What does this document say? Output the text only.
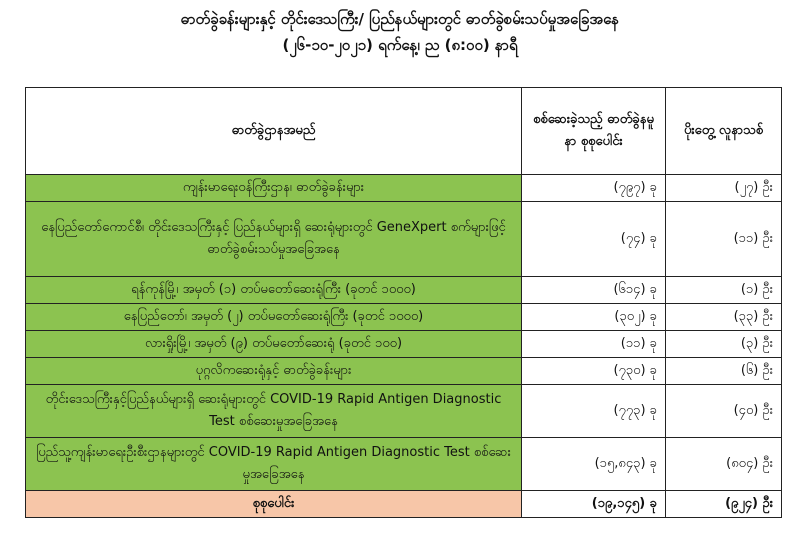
ဓာတ်ခွဲခန်းများနှင့် တိုင်းဒေသကြီး/ ပြည်နယ်များတွင် ဓာတ်ခွဲစမ်းသပ်မှုအခြေအနေ
(၂၆-၁၀-၂၀၂၁) ရက်နေ့၊ ည (၈:၀၀) နာရီ
ဓာတ်ခွဲဌာနအမည်	စစ်ဆေးခဲ့သည့် ဓာတ်ခွဲနမူနာ စုစုပေါင်း	ပိုးတွေ့ လူနာသစ်
ကျန်းမာရေးဝန်ကြီးဌာန၊ ဓာတ်ခွဲခန်းများ	(၇၉၇) ခု	(၂၇) ဦး
နေပြည်တော်ကောင်စီ၊ တိုင်းဒေသကြီးနှင့် ပြည်နယ်များရှိ ဆေးရုံများတွင် GeneXpert စက်များဖြင့် ဓာတ်ခွဲစမ်းသပ်မှုအခြေအနေ	(၇၄) ခု	(၁၁) ဦး
ရန်ကုန်မြို့၊ အမှတ် (၁) တပ်မတော်ဆေးရုံကြီး (ခုတင် ၁၀၀၀)	(၆၁၄) ခု	(၁) ဦး
နေပြည်တော်၊ အမှတ် (၂) တပ်မတော်ဆေးရုံကြီး (ခုတင် ၁၀၀၀)	(၃၀၂) ခု	(၃၃) ဦး
လားရှိုးမြို့၊ အမှတ် (၉) တပ်မတော်ဆေးရုံ (ခုတင် ၁၀၀)	(၁၁) ခု	(၃) ဦး
ပုဂ္ဂလိကဆေးရုံနှင့် ဓာတ်ခွဲခန်းများ	(၇၃၀) ခု	(၆) ဦး
တိုင်းဒေသကြီးနှင့်ပြည်နယ်များရှိ ဆေးရုံများတွင် COVID-19 Rapid Antigen Diagnostic Test စစ်ဆေးမှုအခြေအနေ	(၇၇၃) ခု	(၄၀) ဦး
ပြည်သူ့ကျန်းမာရေးဦးစီးဌာနများတွင် COVID-19 Rapid Antigen Diagnostic Test စစ်ဆေးမှုအခြေအနေ	(၁၅,၈၄၃) ခု	(၈၀၄) ဦး
စုစုပေါင်း	(၁၉,၁၄၅) ခု	(၉၂၄) ဦး
